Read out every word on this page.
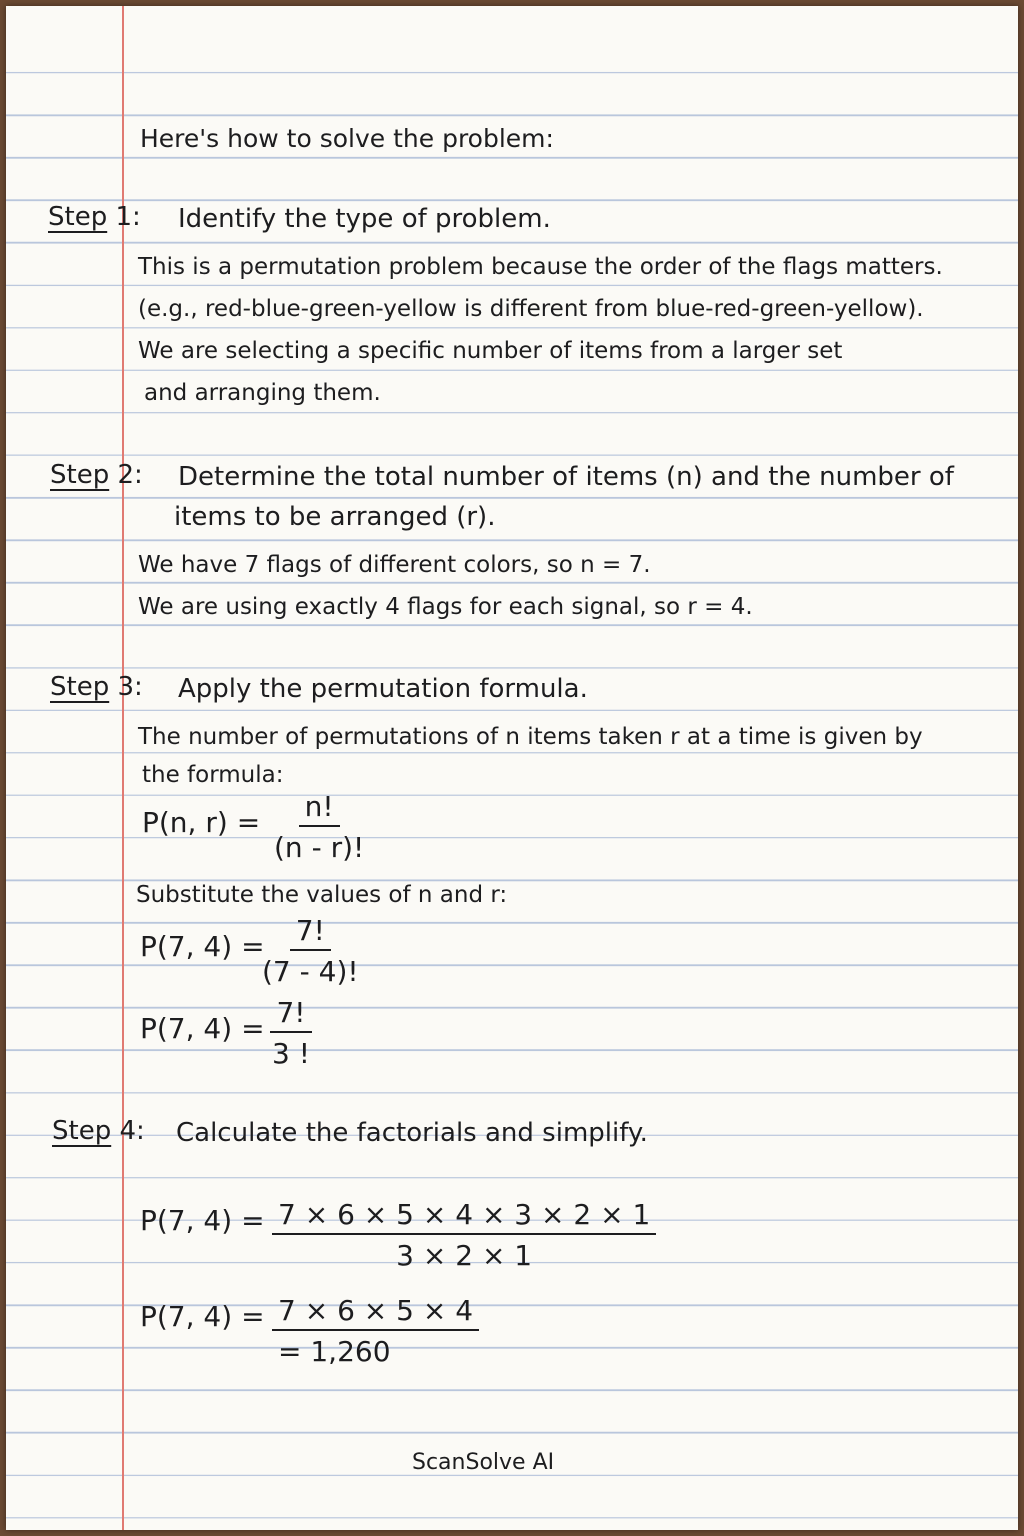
Here's how to solve the problem:
Step 1: Identify the type of problem.
This is a permutation problem because the order of the flags matters.
(e.g., red-blue-green-yellow is different from blue-red-green-yellow).
We are selecting a specific number of items from a larger set
and arranging them.
Step 2: Determine the total number of items (n) and the number of
items to be arranged (r).
We have 7 flags of different colors, so n = 7.
We are using exactly 4 flags for each signal, so r = 4.
Step 3: Apply the permutation formula.
The number of permutations of n items taken r at a time is given by
the formula:
P(n, $r) = \frac{n!}{(n - r)!}$
Substitute the values of n and r:
P(7, 4) =
$\frac{7!}{(7 - 4)!}$
P(7, $4) = \frac{7!}{3 !}$
Step 4: Calculate the factorials and simplify.
P(7, $4) = \frac{7 \times 6 \times 5 \times 4 \times 3 \times 2 \times 1}{3 \times 2 \times 1}$
P(7, $4) = \frac{7 \times 6 \times 5 \times 4}{= 1,260}$
ScanSolve AI
